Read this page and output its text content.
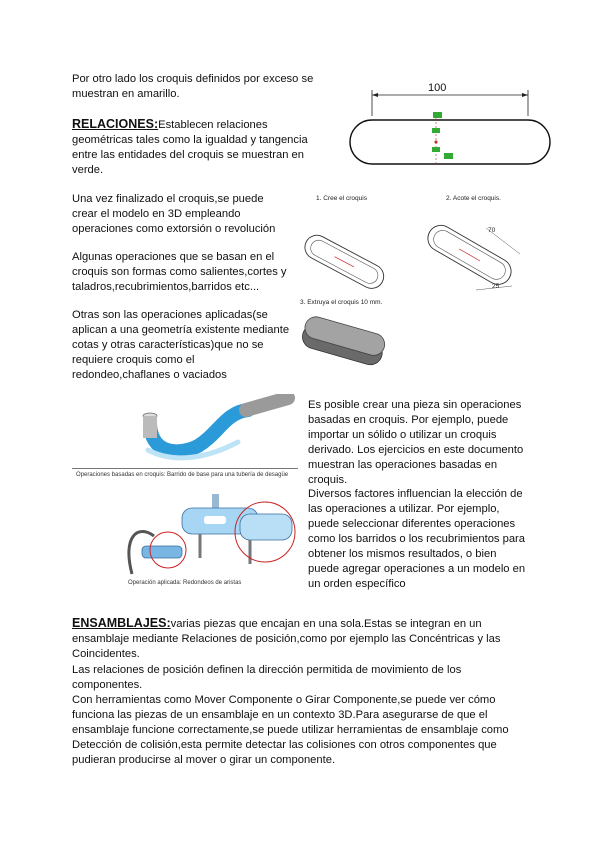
Por otro lado los croquis definidos por exceso se muestran en amarillo.
RELACIONES:Establecen relaciones geométricas tales como la igualdad y tangencia entre las entidades del croquis se muestran en verde.
Una vez finalizado el croquis,se puede crear el modelo en 3D empleando operaciones como extorsión o revolución
Algunas operaciones que se basan en el croquis son formas como salientes,cortes y taladros,recubrimientos,barridos etc...
Otras son las operaciones aplicadas(se aplican a una geometría existente mediante cotas y otras características)que no se requiere croquis como el redondeo,chaflanes o vaciados
Es posible crear una pieza sin operaciones basadas en croquis. Por ejemplo, puede importar un sólido o utilizar un croquis derivado. Los ejercicios en este documento muestran las operaciones basadas en croquis.
Diversos factores influencian la elección de las operaciones a utilizar. Por ejemplo, puede seleccionar diferentes operaciones como los barridos o los recubrimientos para obtener los mismos resultados, o bien puede agregar operaciones a un modelo en un orden específico
ENSAMBLAJES:varias piezas que encajan en una sola.Estas se integran en un ensamblaje mediante Relaciones de posición,como por ejemplo las Concéntricas y las Coincidentes.
Las relaciones de posición definen la dirección permitida de movimiento de los componentes.
Con herramientas como Mover Componente o Girar Componente,se puede ver cómo funciona las piezas de un ensamblaje en un contexto 3D.Para asegurarse de que el ensamblaje funcione correctamente,se puede utilizar herramientas de ensamblaje como Detección de colisión,esta permite detectar las colisiones con otros componentes que pudieran producirse al mover o girar un componente.
100
1. Cree el croquis	2. Acote el croquis.
70
25
3. Extruya el croquis 10 mm.
Operaciones basadas en croquis: Barrido de base para una tubería de desagüe
Operación aplicada: Redondeos de aristas
